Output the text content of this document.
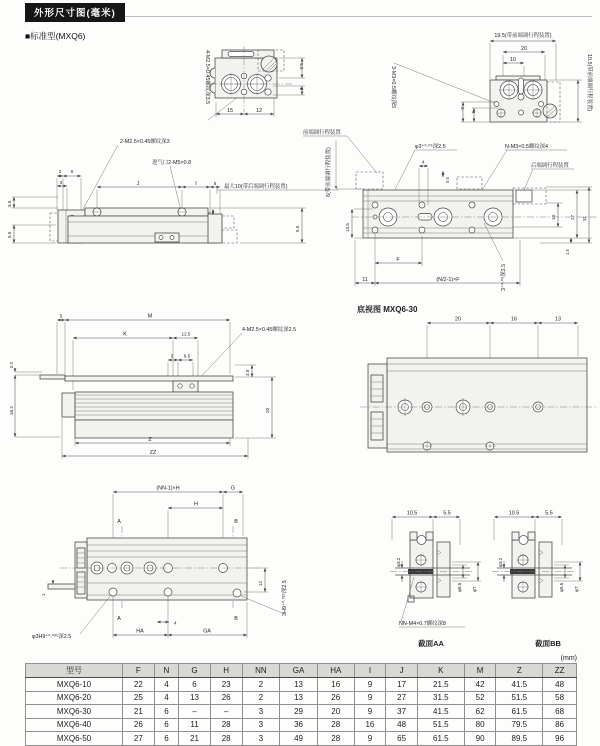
外形尺寸图(毫米)
■标准型(MXQ6)
4-M2.5×0.45螺纹深3.5
15	12
5.5
3
19.5(带前端调行程装置)
20
10
3-M3×0.5螺纹深5
6
4
10.5(带前端调行程装置)
2-M2.5×0.45螺纹深3
进气口2-M5×0.8
最大10(带后端调行程装置)
2 6
3
3.5
5.5
J	I	6
7
5.5
前端调行程装置
φ3⁺⁰·⁰⁵深2.5	N-M3×0.5螺纹深4
后端调行程装置
4
0.5
6(带前端调行程装置)
13.5
14	27 31
1.5
F
11	(N/2-1)×F	3⁺⁰·⁰⁵深2.5
5	M
K	12.5
3 6.5
4-M2.5×0.45螺纹深2.5
0.3
18.2
3.5
20
Z
ZZ
底视图 MXQ6-30
20	16	13
(NN-1)×H	G
H
A	B
A	B
1
12	3H9⁺⁰·⁰²⁵深2.5
4
HA	GA
φ3H9⁺⁰·⁰²⁵深2.5
10.5	5.5
φ3.2
φ6.5 φ7
NN-M4×0.7螺纹深8
截面AA
10.5	5.5
φ3.2
φ5.5 φ7
截面BB
(mm)
型号	F	N	G	H	NN	GA	HA	I	J	K	M	Z	ZZ
MXQ6-10	22	4	6	23	2	13	16	9	17	21.5	42	41.5	48
MXQ6-20	25	4	13	26	2	13	26	9	27	31.5	52	51.5	58
MXQ6-30	21	6	–	–	3	29	20	9	37	41.5	62	61.5	68
MXQ6-40	26	6	11	28	3	36	28	16	48	51.5	80	79.5	86
MXQ6-50	27	6	21	28	3	49	28	9	65	61.5	90	89.5	96
